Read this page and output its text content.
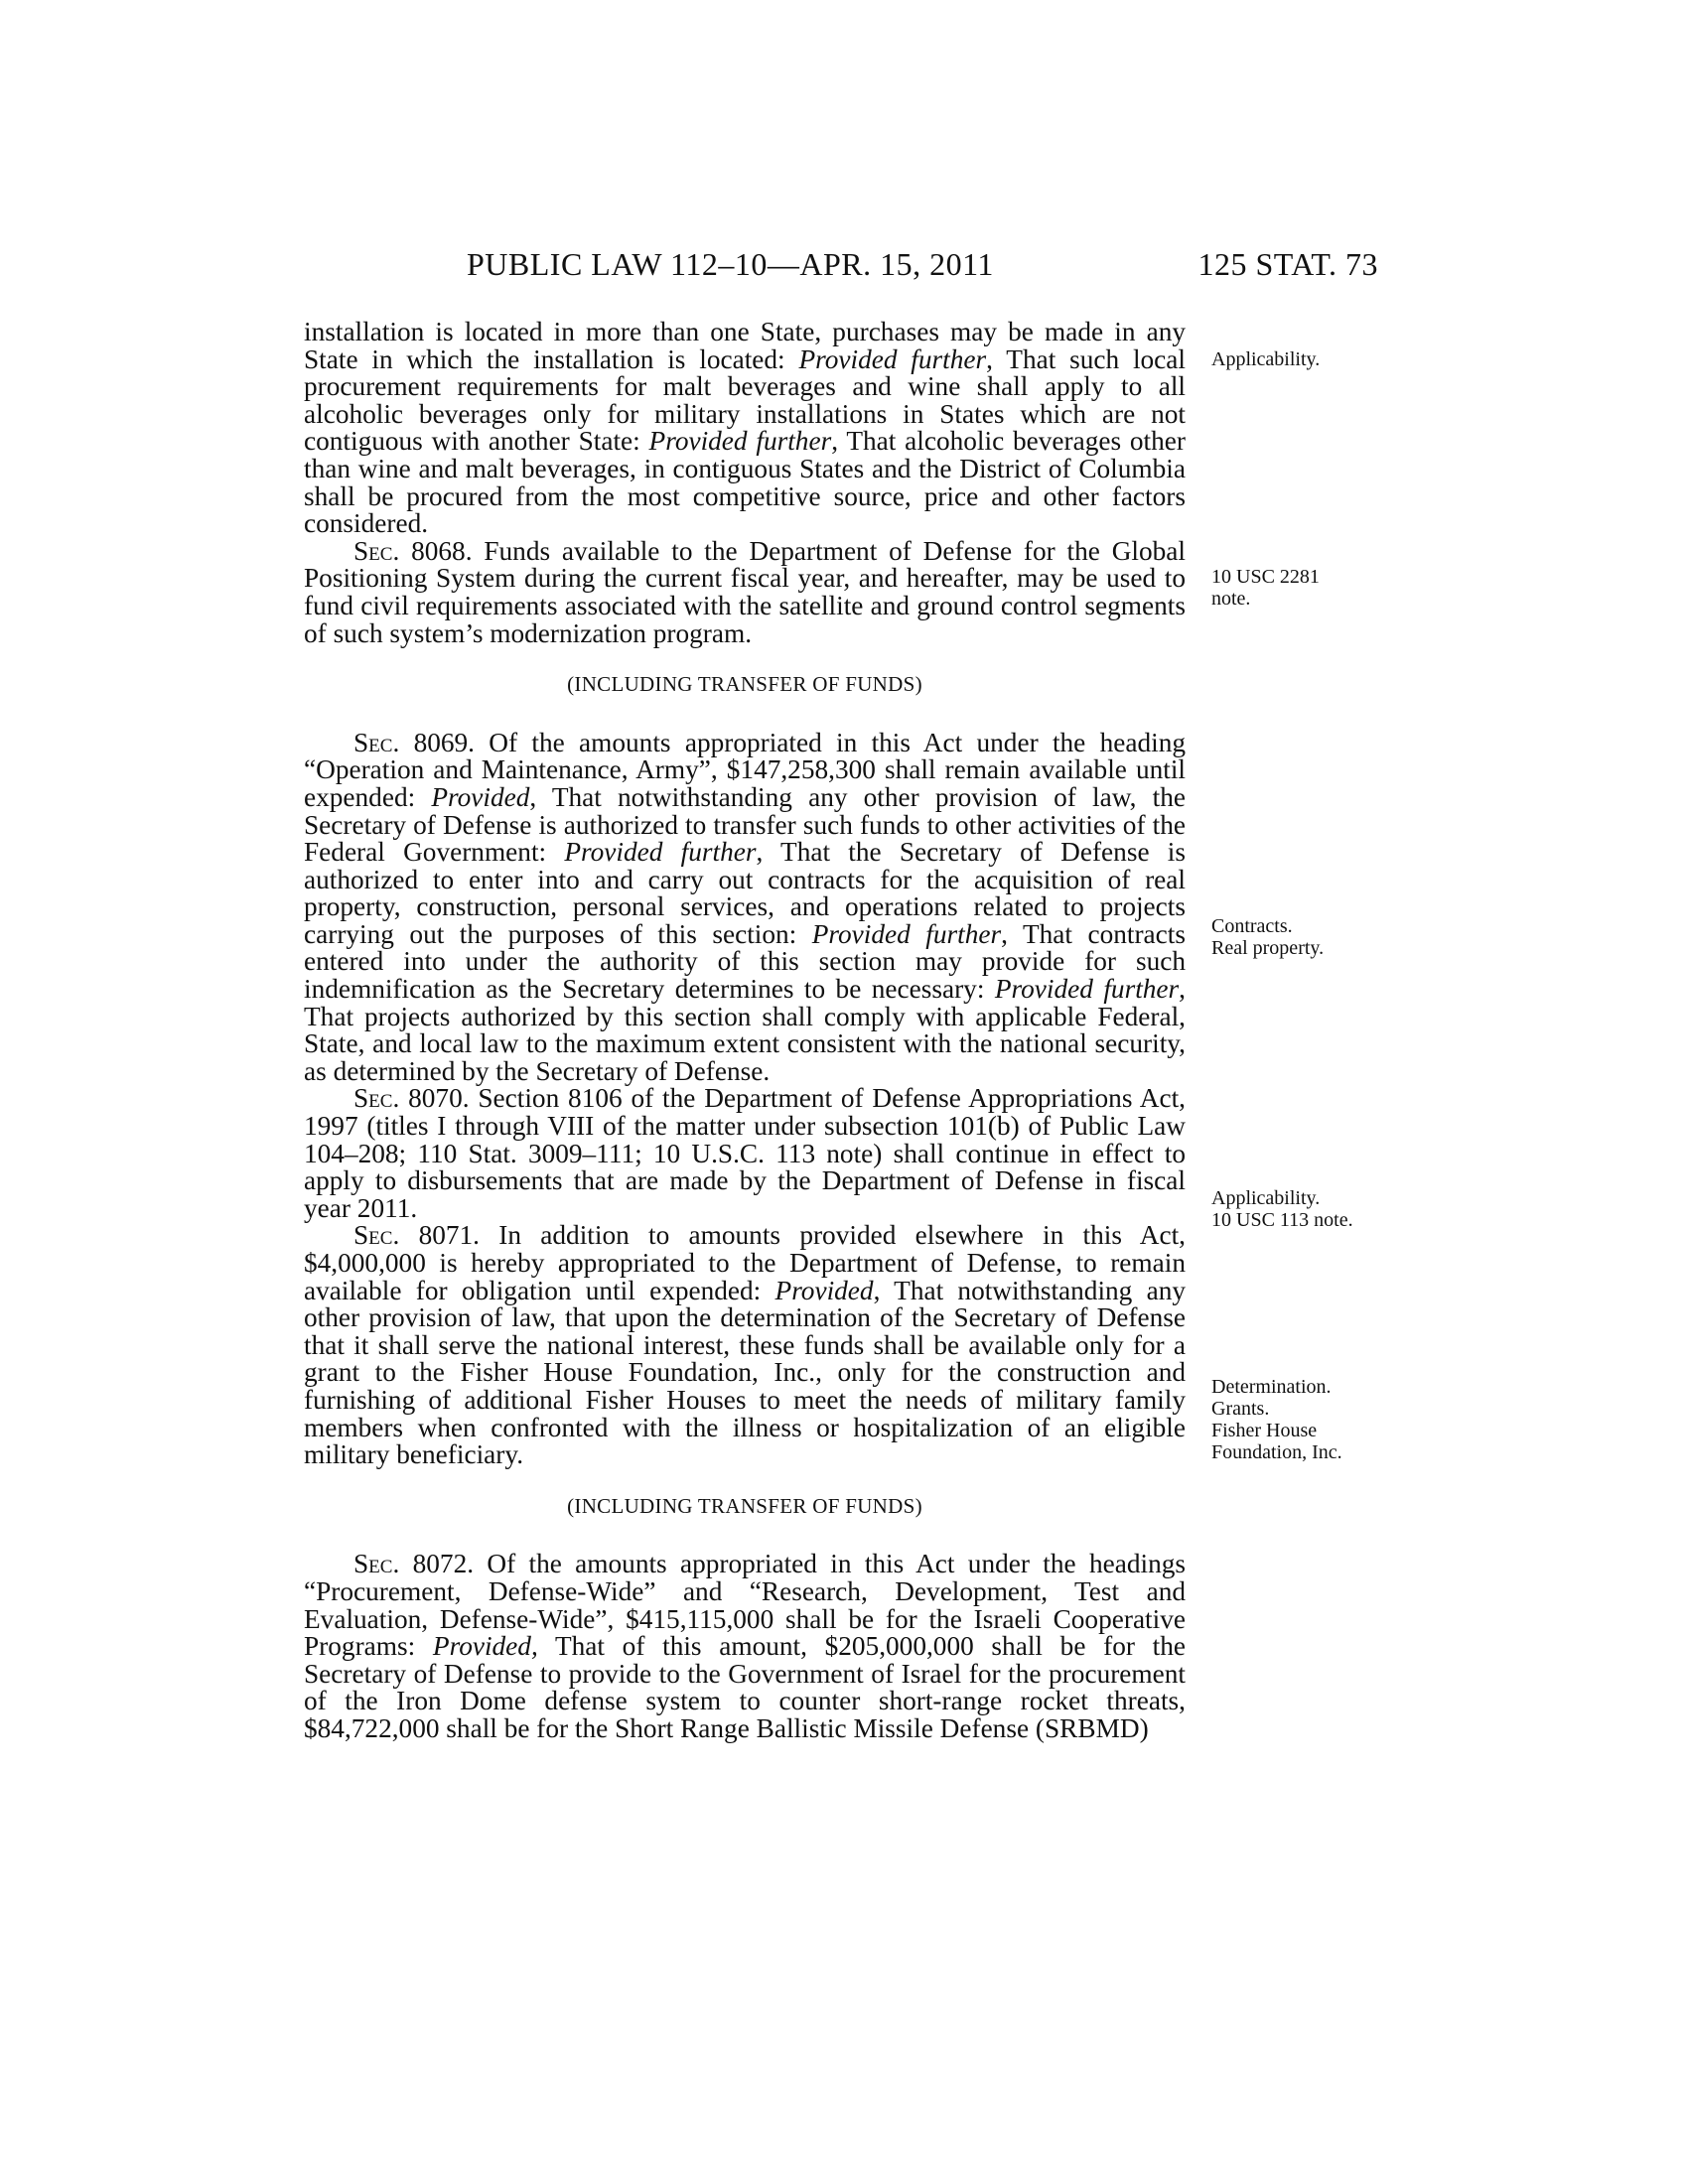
PUBLIC LAW 112–10—APR. 15, 2011	125 STAT. 73

installation is located in more than one State, purchases may be made in any State in which the installation is located: Provided further, That such local procurement requirements for malt beverages and wine shall apply to all alcoholic beverages only for military installations in States which are not contiguous with another State: Provided further, That alcoholic beverages other than wine and malt beverages, in contiguous States and the District of Columbia shall be procured from the most competitive source, price and other factors considered.

Sec. 8068. Funds available to the Department of Defense for the Global Positioning System during the current fiscal year, and hereafter, may be used to fund civil requirements associated with the satellite and ground control segments of such system’s modernization program.

(INCLUDING TRANSFER OF FUNDS)

Sec. 8069. Of the amounts appropriated in this Act under the heading “Operation and Maintenance, Army”, $147,258,300 shall remain available until expended: Provided, That notwithstanding any other provision of law, the Secretary of Defense is authorized to transfer such funds to other activities of the Federal Government: Provided further, That the Secretary of Defense is authorized to enter into and carry out contracts for the acquisition of real property, construction, personal services, and operations related to projects carrying out the purposes of this section: Provided further, That contracts entered into under the authority of this section may provide for such indemnification as the Secretary determines to be necessary: Provided further, That projects authorized by this section shall comply with applicable Federal, State, and local law to the maximum extent consistent with the national security, as determined by the Secretary of Defense.

Sec. 8070. Section 8106 of the Department of Defense Appropriations Act, 1997 (titles I through VIII of the matter under subsection 101(b) of Public Law 104–208; 110 Stat. 3009–111; 10 U.S.C. 113 note) shall continue in effect to apply to disbursements that are made by the Department of Defense in fiscal year 2011.

Sec. 8071. In addition to amounts provided elsewhere in this Act, $4,000,000 is hereby appropriated to the Department of Defense, to remain available for obligation until expended: Provided, That notwithstanding any other provision of law, that upon the determination of the Secretary of Defense that it shall serve the national interest, these funds shall be available only for a grant to the Fisher House Foundation, Inc., only for the construction and furnishing of additional Fisher Houses to meet the needs of military family members when confronted with the illness or hospitalization of an eligible military beneficiary.

(INCLUDING TRANSFER OF FUNDS)

Sec. 8072. Of the amounts appropriated in this Act under the headings “Procurement, Defense-Wide” and “Research, Development, Test and Evaluation, Defense-Wide”, $415,115,000 shall be for the Israeli Cooperative Programs: Provided, That of this amount, $205,000,000 shall be for the Secretary of Defense to provide to the Government of Israel for the procurement of the Iron Dome defense system to counter short-range rocket threats, $84,722,000 shall be for the Short Range Ballistic Missile Defense (SRBMD)

Applicability.
10 USC 2281
note.
Contracts.
Real property.
Applicability.
10 USC 113 note.
Determination.
Grants.
Fisher House
Foundation, Inc.
